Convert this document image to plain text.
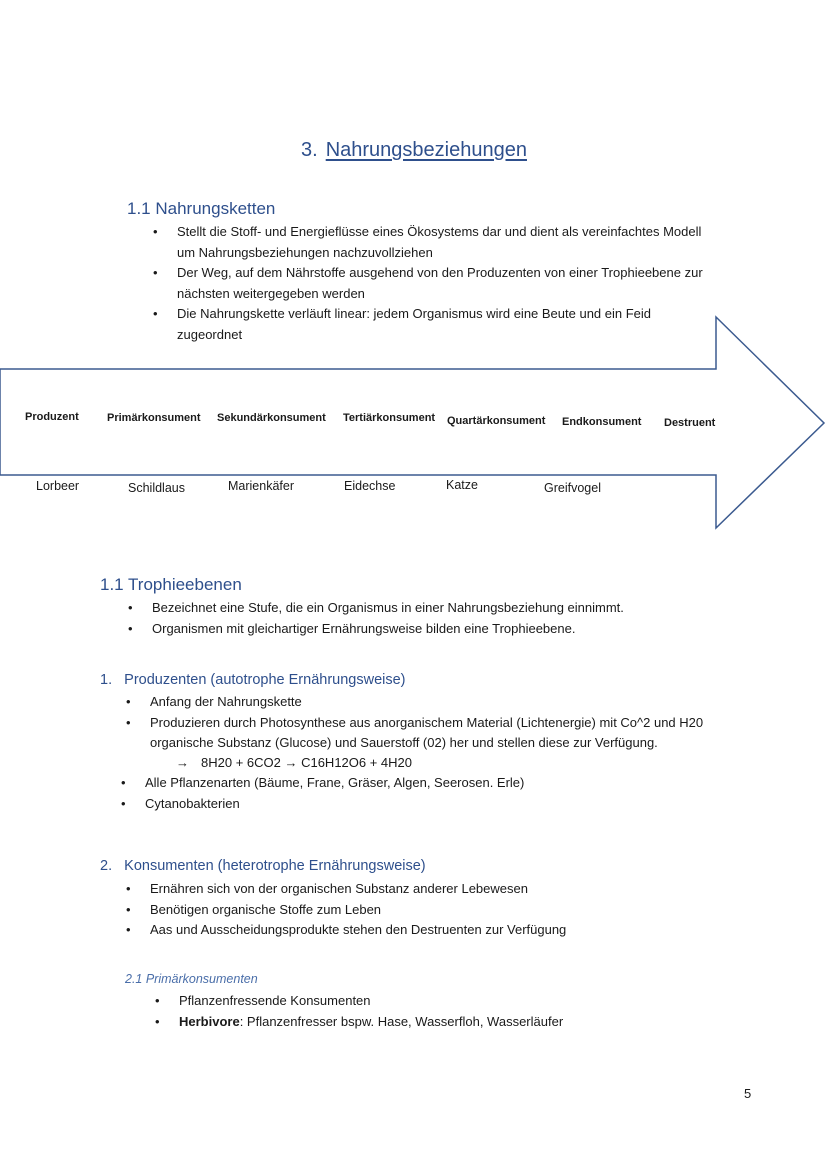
3. Nahrungsbeziehungen
1.1 Nahrungsketten
• Stellt die Stoff- und Energieflüsse eines Ökosystems dar und dient als vereinfachtes Modell
um Nahrungsbeziehungen nachzuvollziehen
• Der Weg, auf dem Nährstoffe ausgehend von den Produzenten von einer Trophieebene zur
nächsten weitergegeben werden
• Die Nahrungskette verläuft linear: jedem Organismus wird eine Beute und ein Feid
zugeordnet
Produzent	Primärkonsument Sekundärkonsument Tertiärkonsument Quartärkonsument Endkonsument Destruent
Lorbeer	Schildlaus	Marienkäfer	Eidechse	Katze	Greifvogel
1.1 Trophieebenen
• Bezeichnet eine Stufe, die ein Organismus in einer Nahrungsbeziehung einnimmt.
• Organismen mit gleichartiger Ernährungsweise bilden eine Trophieebene.
1.   Produzenten (autotrophe Ernährungsweise)
• Anfang der Nahrungskette
• Produzieren durch Photosynthese aus anorganischem Material (Lichtenergie) mit Co^2 und H20
organische Substanz (Glucose) und Sauerstoff (02) her und stellen diese zur Verfügung.
→ 8H20 + 6CO2 → C16H12O6 + 4H20
• Alle Pflanzenarten (Bäume, Frane, Gräser, Algen, Seerosen. Erle)
• Cytanobakterien
2.   Konsumenten (heterotrophe Ernährungsweise)
• Ernähren sich von der organischen Substanz anderer Lebewesen
• Benötigen organische Stoffe zum Leben
• Aas und Ausscheidungsprodukte stehen den Destruenten zur Verfügung
2.1 Primärkonsumenten
• Pflanzenfressende Konsumenten
• Herbivore: Pflanzenfresser bspw. Hase, Wasserfloh, Wasserläufer
5
